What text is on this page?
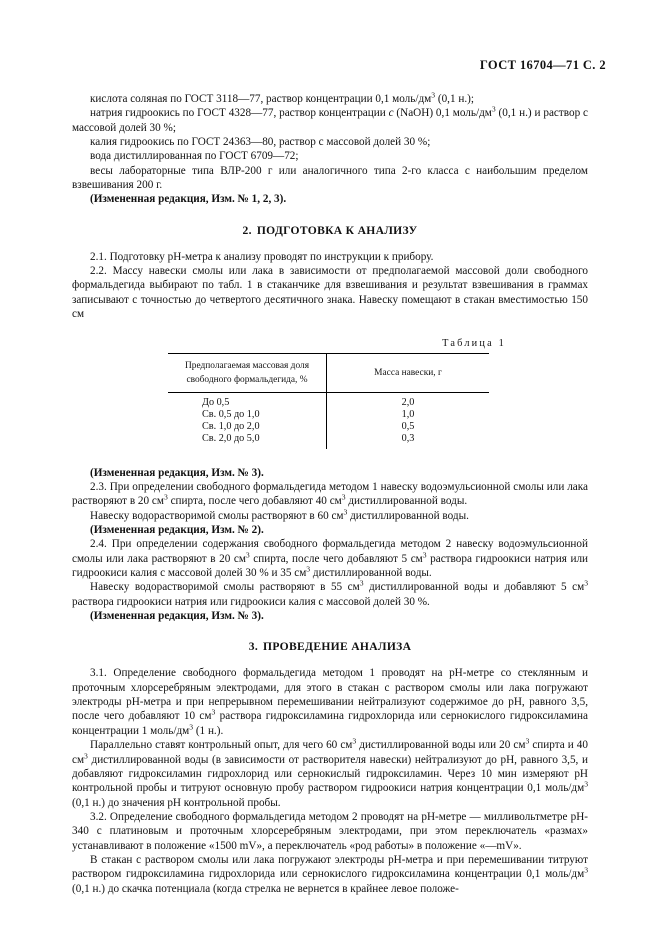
ГОСТ 16704—71 С. 2

кислота соляная по ГОСТ 3118—77, раствор концентрации 0,1 моль/$дм^3$ (0,1 н.);

натрия гидроокись по ГОСТ 4328—77, раствор концентрации с (NaOH) 0,1 моль/$дм^3$ (0,1 н.) и раствор с массовой долей 30 %;

калия гидроокись по ГОСТ 24363—80, раствор с массовой долей 30 %;

вода дистиллированная по ГОСТ 6709—72;

весы лабораторные типа ВЛР-200 г или аналогичного типа 2-го класса с наибольшим пределом взвешивания 200 г.

(Измененная редакция, Изм. № 1, 2, 3).

2. ПОДГОТОВКА К АНАЛИЗУ

2.1. Подготовку pH-метра к анализу проводят по инструкции к прибору.

2.2. Массу навески смолы или лака в зависимости от предполагаемой массовой доли свободного формальдегида выбирают по табл. 1 в стаканчике для взвешивания и результат взвешивания в граммах записывают с точностью до четвертого десятичного знака. Навеску помещают в стакан вместимостью 150 см

Таблица 1
Предполагаемая массовая доля свободного формальдегида, %	Масса навески, г
До 0,5	2,0
Св. 0,5 до 1,0	1,0
Св. 1,0 до 2,0	0,5
Св. 2,0 до 5,0	0,3

(Измененная редакция, Изм. № 3).

2.3. При определении свободного формальдегида методом 1 навеску водоэмульсионной смолы или лака растворяют в 20 $см^3$ спирта, после чего добавляют 40 $см^3$ дистиллированной воды.

Навеску водорастворимой смолы растворяют в 60 $см^3$ дистиллированной воды.

(Измененная редакция, Изм. № 2).

2.4. При определении содержания свободного формальдегида методом 2 навеску водоэмульсионной смолы или лака растворяют в 20 $см^3$ спирта, после чего добавляют 5 $см^3$ раствора гидроокиси натрия или гидроокиси калия с массовой долей 30 % и 35 $см^3$ дистиллированной воды.

Навеску водорастворимой смолы растворяют в 55 $см^3$ дистиллированной воды и добавляют 5 $см^3$ раствора гидроокиси натрия или гидроокиси калия с массовой долей 30 %.

(Измененная редакция, Изм. № 3).

3. ПРОВЕДЕНИЕ АНАЛИЗА

3.1. Определение свободного формальдегида методом 1 проводят на pH-метре со стеклянным и проточным хлорсеребряным электродами, для этого в стакан с раствором смолы или лака погружают электроды pH-метра и при непрерывном перемешивании нейтрализуют содержимое до pH, равного 3,5, после чего добавляют 10 $см^3$ раствора гидроксиламина гидрохлорида или сернокислого гидроксиламина концентрации 1 моль/$дм^3$ (1 н.).

Параллельно ставят контрольный опыт, для чего 60 $см^3$ дистиллированной воды или 20 $см^3$ спирта и 40 $см^3$ дистиллированной воды (в зависимости от растворителя навески) нейтрализуют до pH, равного 3,5, и добавляют гидроксиламин гидрохлорид или сернокислый гидроксиламин. Через 10 мин измеряют pH контрольной пробы и титруют основную пробу раствором гидроокиси натрия концентрации 0,1 моль/$дм^3$ (0,1 н.) до значения pH контрольной пробы.

3.2. Определение свободного формальдегида методом 2 проводят на pH-метре — милливольтметре pH-340 с платиновым и проточным хлорсеребряным электродами, при этом переключатель «размах» устанавливают в положение «1500 mV», а переключатель «род работы» в положение «—mV».

В стакан с раствором смолы или лака погружают электроды pH-метра и при перемешивании титруют раствором гидроксиламина гидрохлорида или сернокислого гидроксиламина концентрации 0,1 моль/$дм^3$ (0,1 н.) до скачка потенциала (когда стрелка не вернется в крайнее левое положе-
